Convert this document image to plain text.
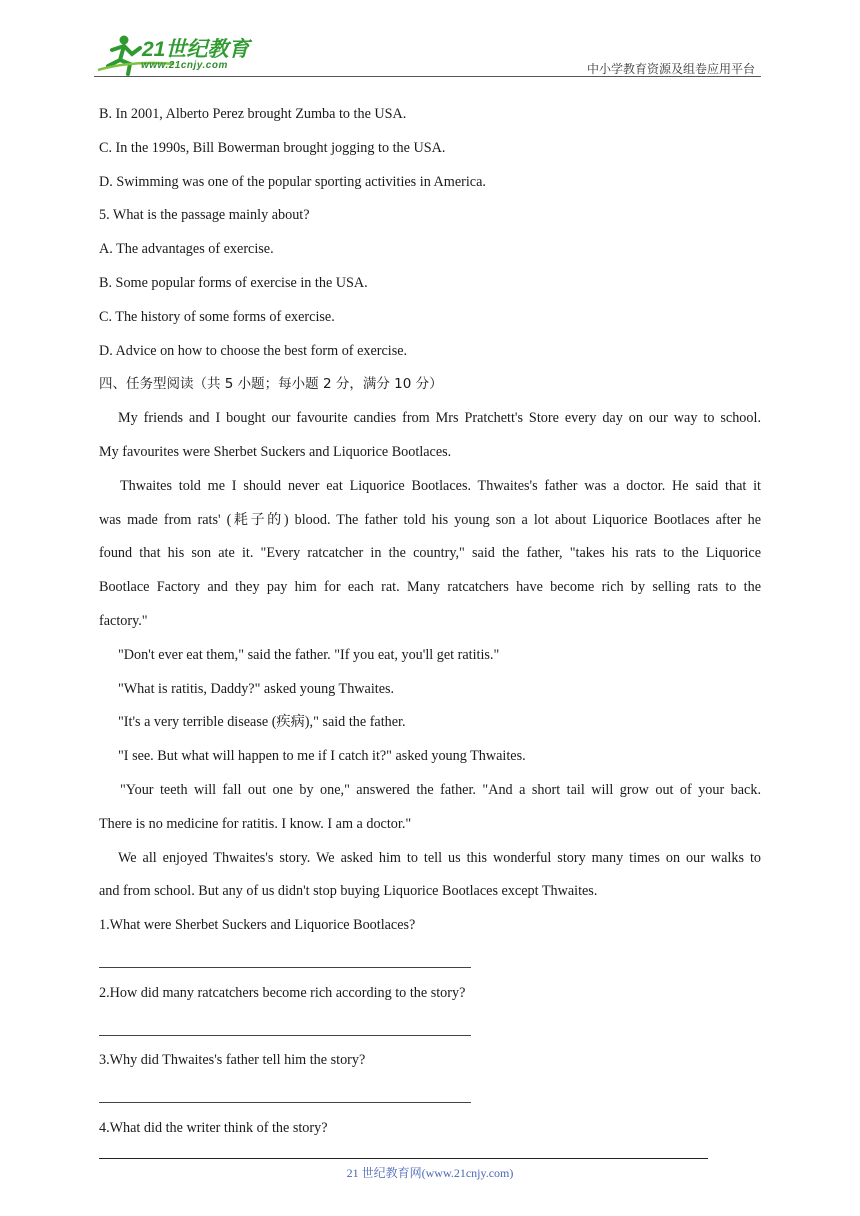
21世纪教育
www.21cnjy.com	中小学教育资源及组卷应用平台

B. In 2001, Alberto Perez brought Zumba to the USA.

C. In the 1990s, Bill Bowerman brought jogging to the USA.

D. Swimming was one of the popular sporting activities in America.

5. What is the passage mainly about?

A. The advantages of exercise.

B. Some popular forms of exercise in the USA.

C. The history of some forms of exercise.

D. Advice on how to choose the best form of exercise.

四、任务型阅读（共 5 小题；每小题 2 分，满分 10 分）

My friends and I bought our favourite candies from Mrs Pratchett's Store every day on our way to school.

My favourites were Sherbet Suckers and Liquorice Bootlaces.

Thwaites told me I should never eat Liquorice Bootlaces. Thwaites's father was a doctor. He said that it

was made from rats' (耗子的) blood. The father told his young son a lot about Liquorice Bootlaces after he

found that his son ate it. "Every ratcatcher in the country," said the father, "takes his rats to the Liquorice

Bootlace Factory and they pay him for each rat. Many ratcatchers have become rich by selling rats to the

factory."

"Don't ever eat them," said the father. "If you eat, you'll get ratitis."

"What is ratitis, Daddy?" asked young Thwaites.

"It's a very terrible disease (疾病)," said the father.

"I see. But what will happen to me if I catch it?" asked young Thwaites.

"Your teeth will fall out one by one," answered the father. "And a short tail will grow out of your back.

There is no medicine for ratitis. I know. I am a doctor."

We all enjoyed Thwaites's story. We asked him to tell us this wonderful story many times on our walks to

and from school. But any of us didn't stop buying Liquorice Bootlaces except Thwaites.

1.What were Sherbet Suckers and Liquorice Bootlaces?

2.How did many ratcatchers become rich according to the story?

3.Why did Thwaites's father tell him the story?

4.What did the writer think of the story?

21 世纪教育网(www.21cnjy.com)
